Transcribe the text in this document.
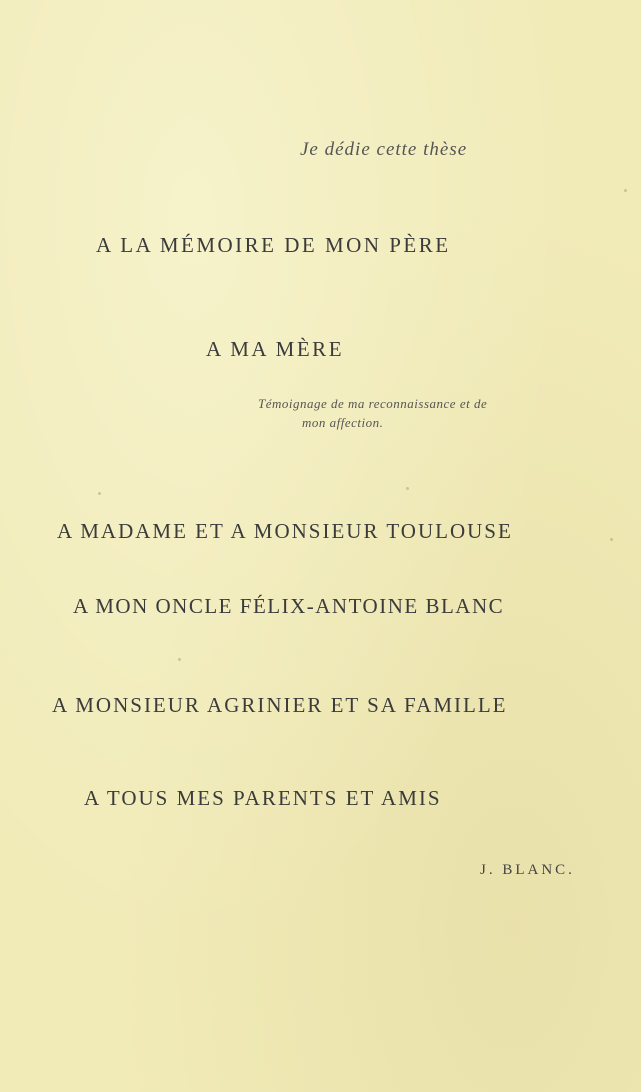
Je dédie cette thèse
A LA MÉMOIRE DE MON PÈRE
A MA MÈRE
Témoignage de ma reconnaissance et de
mon affection.
A MADAME ET A MONSIEUR TOULOUSE
A MON ONCLE FÉLIX-ANTOINE BLANC
A MONSIEUR AGRINIER ET SA FAMILLE
A TOUS MES PARENTS ET AMIS
J. BLANC.
